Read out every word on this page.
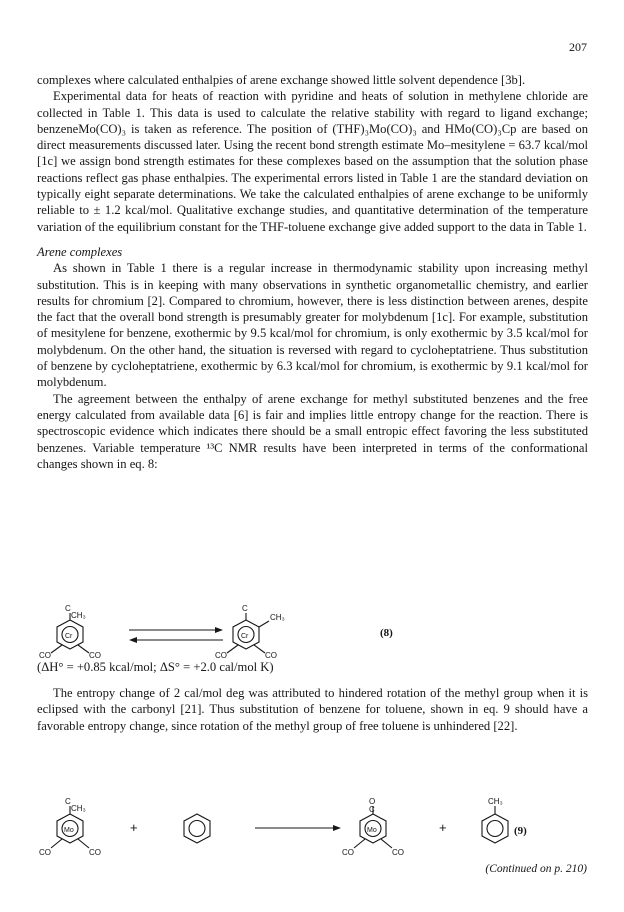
207

complexes where calculated enthalpies of arene exchange showed little solvent dependence [3b].

Experimental data for heats of reaction with pyridine and heats of solution in methylene chloride are collected in Table 1. This data is used to calculate the relative stability with regard to ligand exchange; benzeneMo(CO)₃ is taken as reference. The position of (THF)₃Mo(CO)₃ and HMo(CO)₃Cp are based on direct measurements discussed later. Using the recent bond strength estimate Mo–mesitylene = 63.7 kcal/mol [1c] we assign bond strength estimates for these complexes based on the assumption that the solution phase reactions reflect gas phase enthalpies. The experimental errors listed in Table 1 are the standard deviation on typically eight separate determinations. We take the calculated enthalpies of arene exchange to be uniformly reliable to ± 1.2 kcal/mol. Qualitative exchange studies, and quantitative determination of the temperature variation of the equilibrium constant for the THF-toluene exchange give added support to the data in Table 1.

Arene complexes

As shown in Table 1 there is a regular increase in thermodynamic stability upon increasing methyl substitution. This is in keeping with many observations in synthetic organometallic chemistry, and earlier results for chromium [2]. Compared to chromium, however, there is less distinction between arenes, despite the fact that the overall bond strength is presumably greater for molybdenum [1c]. For example, substitution of mesitylene for benzene, exothermic by 9.5 kcal/mol for chromium, is only exothermic by 3.5 kcal/mol for molybdenum. On the other hand, the situation is reversed with regard to cycloheptatriene. Thus substitution of benzene by cycloheptatriene, exothermic by 6.3 kcal/mol for chromium, is exothermic by 9.1 kcal/mol for molybdenum.

The agreement between the enthalpy of arene exchange for methyl substituted benzenes and the free energy calculated from available data [6] is fair and implies little entropy change for the reaction. There is spectroscopic evidence which indicates there should be a small entropic effect favoring the less substituted benzenes. Variable temperature ¹³C NMR results have been interpreted in terms of the conformational changes shown in eq. 8:

C
CH₃
Cr
CO	CO
C
Cr
CH₃
CO	CO
(8)
(ΔH° = +0.85 kcal/mol; ΔS° = +2.0 cal/mol K)

The entropy change of 2 cal/mol deg was attributed to hindered rotation of the methyl group when it is eclipsed with the carbonyl [21]. Thus substitution of benzene for toluene, shown in eq. 9 should have a favorable entropy change, since rotation of the methyl group of free toluene is unhindered [22].

C
CH₃
Mo
CO	CO
+
O
C
Mo
CO	CO
+
CH₃
(9)
(Continued on p. 210)
